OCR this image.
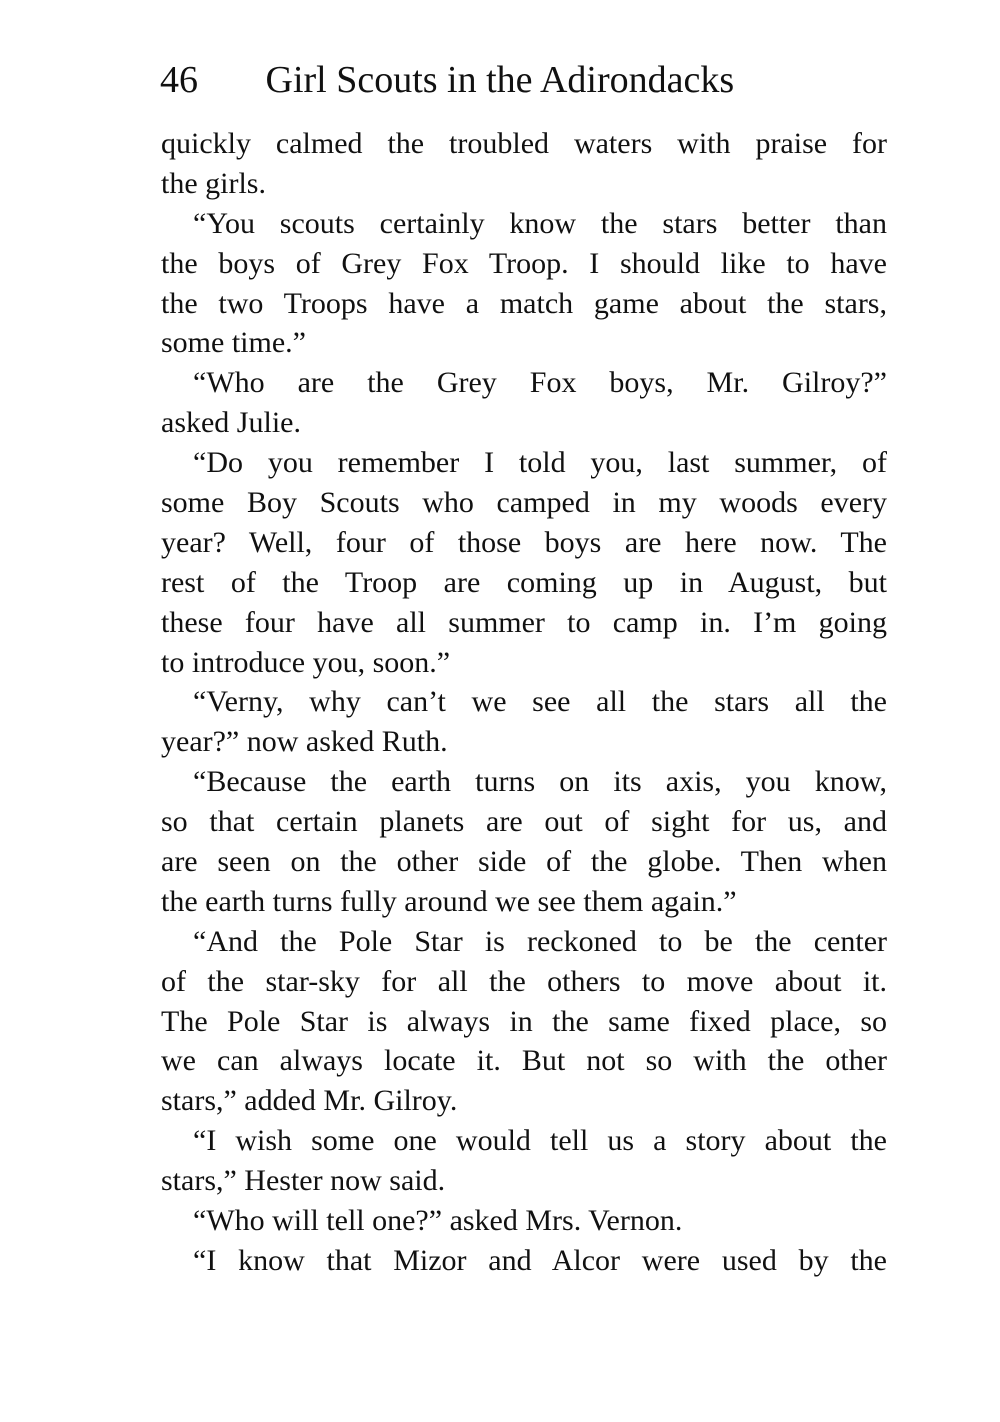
46 Girl Scouts in the Adirondacks
quickly calmed the troubled waters with praise for
the girls.
“You scouts certainly know the stars better than
the boys of Grey Fox Troop. I should like to have
the two Troops have a match game about the stars,
some time.”
“Who are the Grey Fox boys, Mr. Gilroy?”
asked Julie.
“Do you remember I told you, last summer, of
some Boy Scouts who camped in my woods every
year? Well, four of those boys are here now. The
rest of the Troop are coming up in August, but
these four have all summer to camp in. I’m going
to introduce you, soon.”
“Verny, why can’t we see all the stars all the
year?” now asked Ruth.
“Because the earth turns on its axis, you know,
so that certain planets are out of sight for us, and
are seen on the other side of the globe. Then when
the earth turns fully around we see them again.”
“And the Pole Star is reckoned to be the center
of the star-sky for all the others to move about it.
The Pole Star is always in the same fixed place, so
we can always locate it. But not so with the other
stars,” added Mr. Gilroy.
“I wish some one would tell us a story about the
stars,” Hester now said.
“Who will tell one?” asked Mrs. Vernon.
“I know that Mizor and Alcor were used by the
